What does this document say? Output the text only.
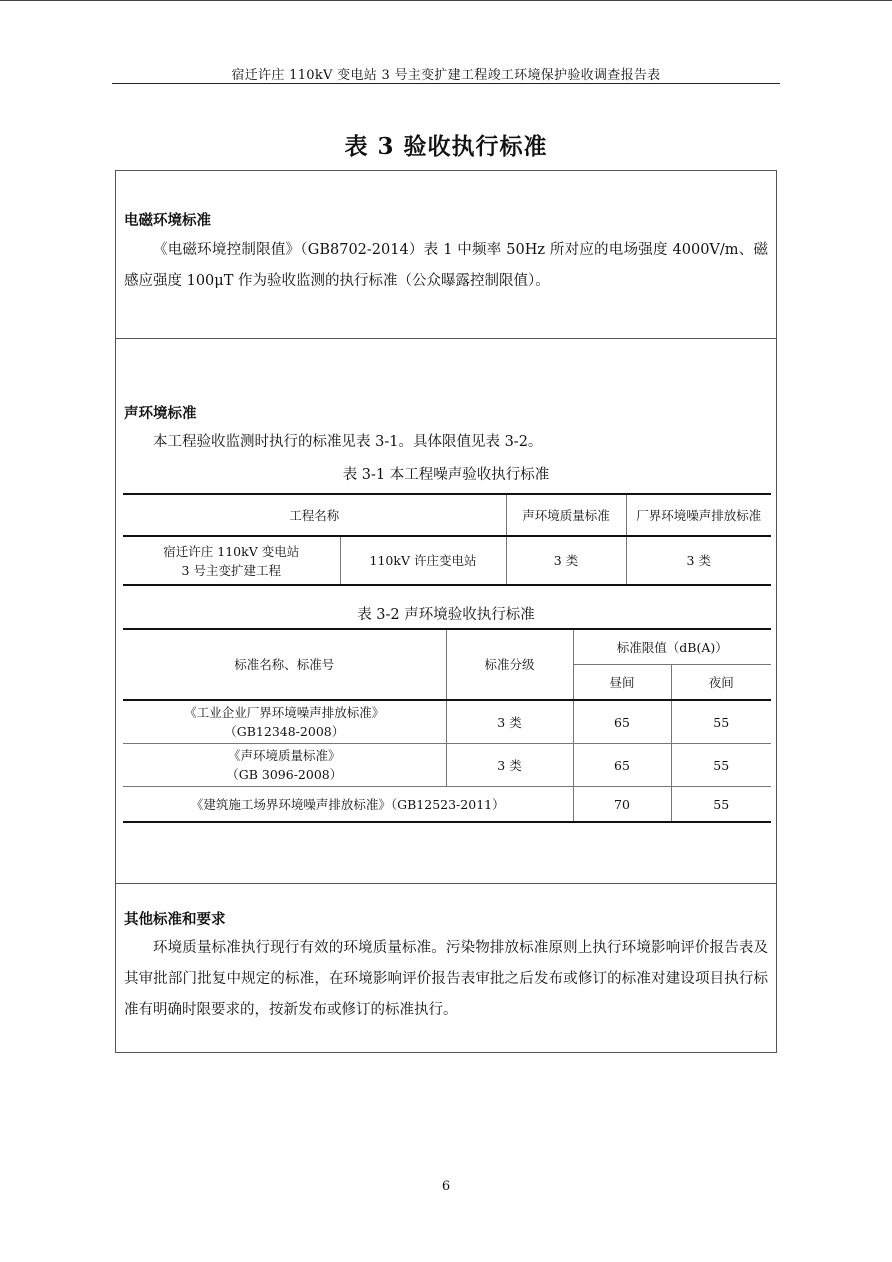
宿迁许庄 110kV 变电站 3 号主变扩建工程竣工环境保护验收调查报告表
表 3 验收执行标准
电磁环境标准
《电磁环境控制限值》（GB8702-2014）表 1 中频率 50Hz 所对应的电场强度 4000V/m、磁感应强度 100μT 作为验收监测的执行标准（公众曝露控制限值）。
声环境标准
本工程验收监测时执行的标准见表 3-1。具体限值见表 3-2。
表 3-1 本工程噪声验收执行标准
工程名称		声环境质量标准	厂界环境噪声排放标准

宿迁许庄 110kV 变电站
3 号主变扩建工程	110kV 许庄变电站	3 类	3 类
表 3-2 声环境验收执行标准
标准名称、标准号	标准分级	标准限值（dB(A)）	
		昼间	夜间

《工业企业厂界环境噪声排放标准》
（GB12348-2008）	3 类	65	55

《声环境质量标准》
（GB 3096-2008）	3 类	65	55
《建筑施工场界环境噪声排放标准》（GB12523-2011）		70	55
其他标准和要求
环境质量标准执行现行有效的环境质量标准。污染物排放标准原则上执行环境影响评价报告表及其审批部门批复中规定的标准，在环境影响评价报告表审批之后发布或修订的标准对建设项目执行标准有明确时限要求的，按新发布或修订的标准执行。
6
